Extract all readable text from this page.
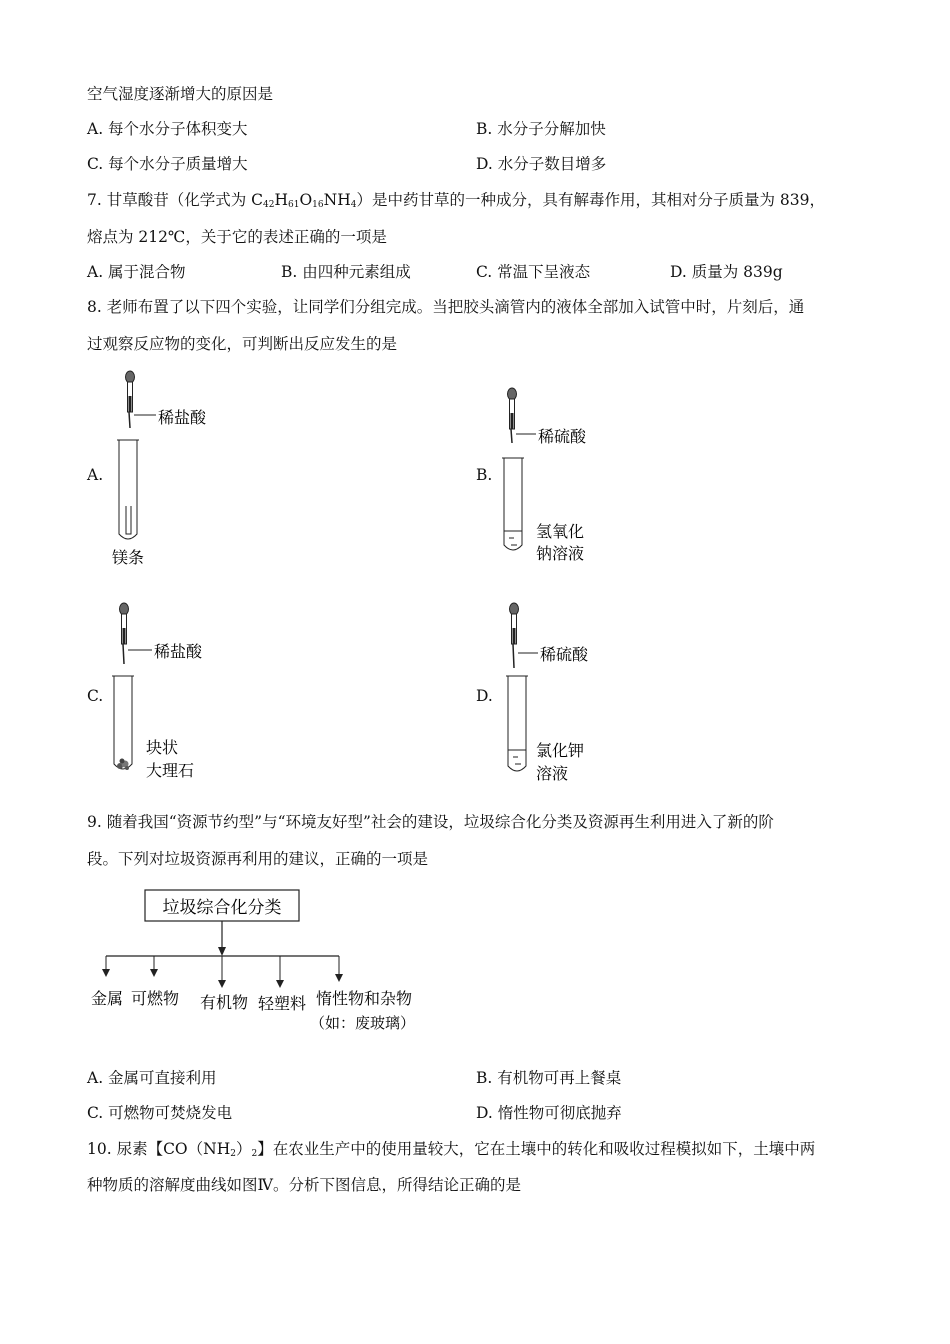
空气湿度逐渐增大的原因是
A. 每个水分子体积变大	B. 水分子分解加快
C. 每个水分子质量增大	D. 水分子数目增多
7. 甘草酸苷（化学式为 $C_{42}H_{61}O_{16}NH_4$）是中药甘草的一种成分，具有解毒作用，其相对分子质量为 839，
熔点为 212℃，关于它的表述正确的一项是
A. 属于混合物	B. 由四种元素组成	C. 常温下呈液态	D. 质量为 839g
8. 老师布置了以下四个实验，让同学们分组完成。当把胶头滴管内的液体全部加入试管中时，片刻后，通
过观察反应物的变化，可判断出反应发生的是
A.
稀盐酸
镁条
B.
稀硫酸
氢氧化
钠溶液
C.
稀盐酸
块状
大理石
D.
稀硫酸
氯化钾
溶液
9. 随着我国“资源节约型”与“环境友好型”社会的建设，垃圾综合化分类及资源再生利用进入了新的阶
段。下列对垃圾资源再利用的建议，正确的一项是
垃圾综合化分类
金属 可燃物 有机物 轻塑料 惰性物和杂物
（如：废玻璃）
A. 金属可直接利用	B. 有机物可再上餐桌
C. 可燃物可焚烧发电	D. 惰性物可彻底抛弃
10. 尿素【$CO(NH_2)_2$】在农业生产中的使用量较大，它在土壤中的转化和吸收过程模拟如下，土壤中两
种物质的溶解度曲线如图Ⅳ。分析下图信息，所得结论正确的是
